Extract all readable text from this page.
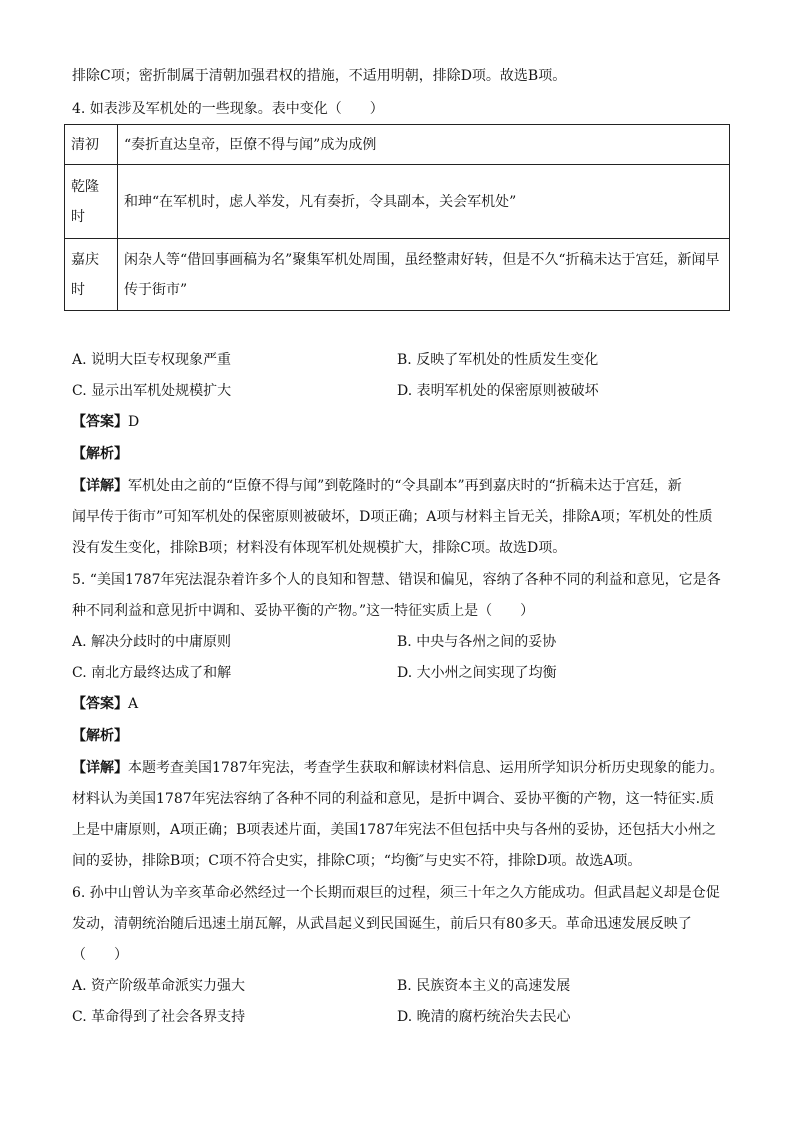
排除C项；密折制属于清朝加强君权的措施，不适用明朝，排除D项。故选B项。
4. 如表涉及军机处的一些现象。表中变化（　　）
清初	“奏折直达皇帝，臣僚不得与闻”成为成例
乾隆时	和珅“在军机时，虑人举发，凡有奏折，令具副本，关会军机处”
嘉庆时	闲杂人等“借回事画稿为名”聚集军机处周围，虽经整肃好转，但是不久“折稿未达于宫廷，新闻早传于街市”
A. 说明大臣专权现象严重	B. 反映了军机处的性质发生变化
C. 显示出军机处规模扩大	D. 表明军机处的保密原则被破坏
【答案】D
【解析】
【详解】军机处由之前的“臣僚不得与闻”到乾隆时的“令具副本”再到嘉庆时的“折稿未达于宫廷，新
闻早传于街市”可知军机处的保密原则被破坏，D项正确；A项与材料主旨无关，排除A项；军机处的性质
没有发生变化，排除B项；材料没有体现军机处规模扩大，排除C项。故选D项。
5. “美国1787年宪法混杂着许多个人的良知和智慧、错误和偏见，容纳了各种不同的利益和意见，它是各
种不同利益和意见折中调和、妥协平衡的产物。”这一特征实质上是（　　）
A. 解决分歧时的中庸原则	B. 中央与各州之间的妥协
C. 南北方最终达成了和解	D. 大小州之间实现了均衡
【答案】A
【解析】
【详解】本题考查美国1787年宪法，考查学生获取和解读材料信息、运用所学知识分析历史现象的能力。
材料认为美国1787年宪法容纳了各种不同的利益和意见，是折中调合、妥协平衡的产物，这一特征实.质
上是中庸原则，A项正确；B项表述片面，美国1787年宪法不但包括中央与各州的妥协，还包括大小州之
间的妥协，排除B项；C项不符合史实，排除C项；“均衡″与史实不符，排除D项。故选A项。
6. 孙中山曾认为辛亥革命必然经过一个长期而艰巨的过程，须三十年之久方能成功。但武昌起义却是仓促
发动，清朝统治随后迅速土崩瓦解，从武昌起义到民国诞生，前后只有80多天。革命迅速发展反映了
（　　）
A. 资产阶级革命派实力强大	B. 民族资本主义的高速发展
C. 革命得到了社会各界支持	D. 晚清的腐朽统治失去民心
